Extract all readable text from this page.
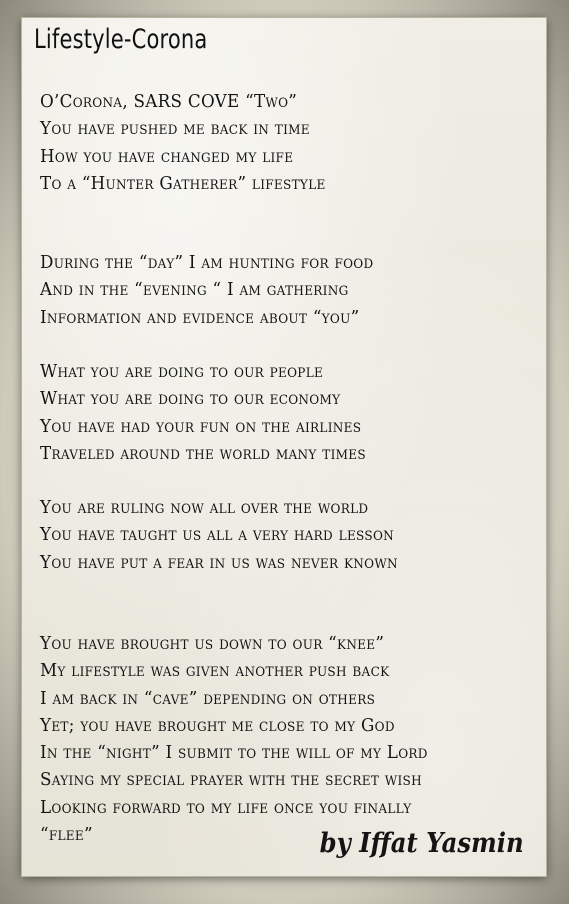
Lifestyle-Corona
O’Corona, SARS COVE “Two”
You have pushed me back in time
How you have changed my life
To a “Hunter Gatherer” lifestyle
During the “day” I am hunting for food
And in the “evening “ I am gathering
Information and evidence about “you”
What you are doing to our people
What you are doing to our economy
You have had your fun on the airlines
Traveled around the world many times
You are ruling now all over the world
You have taught us all a very hard lesson
You have put a fear in us was never known
You have brought us down to our “knee”
My lifestyle was given another push back
I am back in “cave” depending on others
Yet; you have brought me close to my God
In the “night” I submit to the will of my Lord
Saying my special prayer with the secret wish
Looking forward to my life once you finally
“flee”	by Iffat Yasmin
